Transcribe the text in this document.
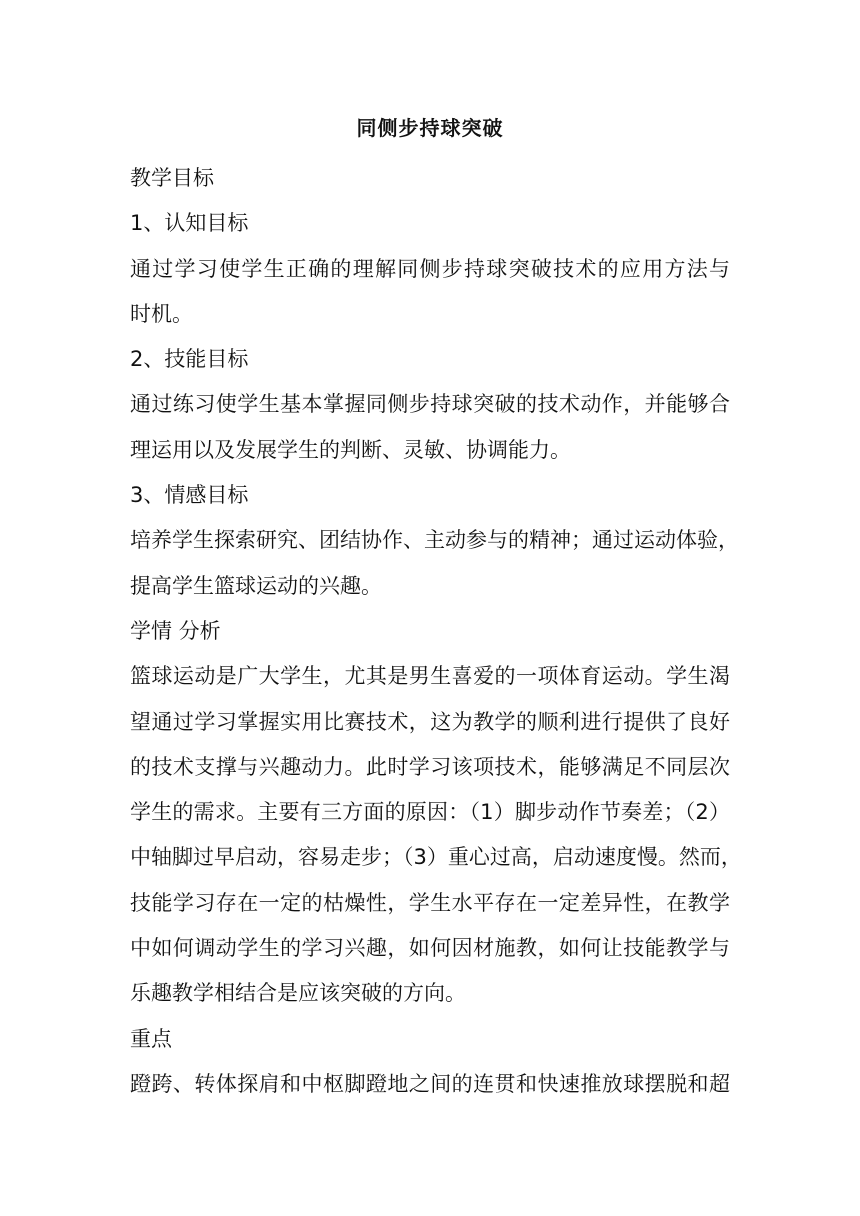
同侧步持球突破

教学目标

1、认知目标

通过学习使学生正确的理解同侧步持球突破技术的应用方法与

时机。

2、技能目标

通过练习使学生基本掌握同侧步持球突破的技术动作，并能够合

理运用以及发展学生的判断、灵敏、协调能力。

3、情感目标

培养学生探索研究、团结协作、主动参与的精神；通过运动体验，

提高学生篮球运动的兴趣。

学情 分析

篮球运动是广大学生，尤其是男生喜爱的一项体育运动。学生渴

望通过学习掌握实用比赛技术，这为教学的顺利进行提供了良好

的技术支撑与兴趣动力。此时学习该项技术，能够满足不同层次

学生的需求。主要有三方面的原因：（1）脚步动作节奏差；（2）

中轴脚过早启动，容易走步；（3）重心过高，启动速度慢。然而，

技能学习存在一定的枯燥性，学生水平存在一定差异性，在教学

中如何调动学生的学习兴趣，如何因材施教，如何让技能教学与

乐趣教学相结合是应该突破的方向。

重点

蹬跨、转体探肩和中枢脚蹬地之间的连贯和快速推放球摆脱和超
